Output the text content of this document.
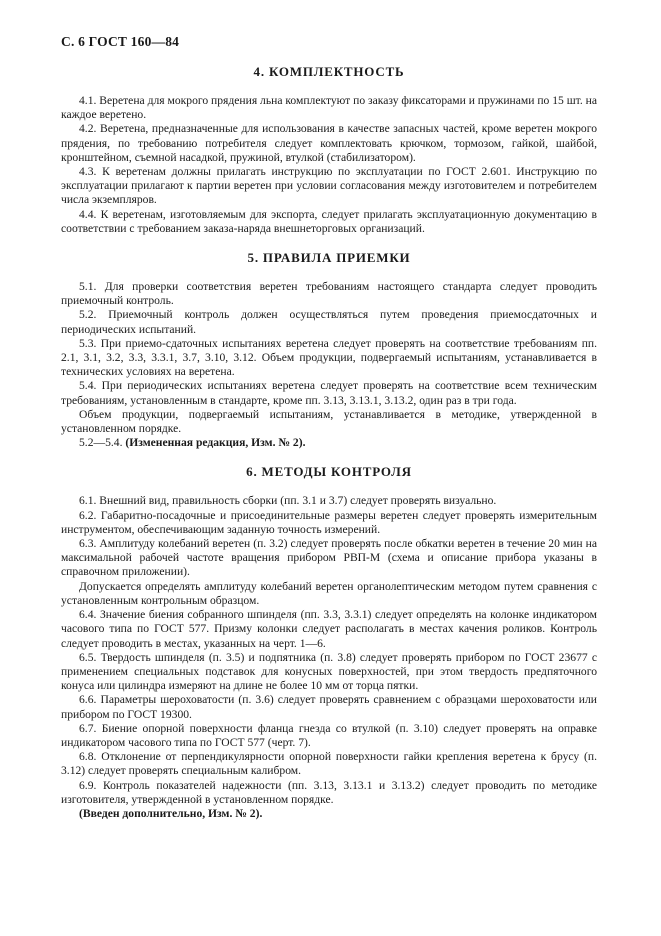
С. 6 ГОСТ 160—84
4. КОМПЛЕКТНОСТЬ

4.1. Веретена для мокрого прядения льна комплектуют по заказу фиксаторами и пружинами по 15 шт. на каждое веретено.

4.2. Веретена, предназначенные для использования в качестве запасных частей, кроме веретен мокрого прядения, по требованию потребителя следует комплектовать крючком, тормозом, гайкой, шайбой, кронштейном, съемной насадкой, пружиной, втулкой (стабилизатором).

4.3. К веретенам должны прилагать инструкцию по эксплуатации по ГОСТ 2.601. Инструкцию по эксплуатации прилагают к партии веретен при условии согласования между изготовителем и потребителем числа экземпляров.

4.4. К веретенам, изготовляемым для экспорта, следует прилагать эксплуатационную документацию в соответствии с требованием заказа-наряда внешнеторговых организаций.

5. ПРАВИЛА ПРИЕМКИ

5.1. Для проверки соответствия веретен требованиям настоящего стандарта следует проводить приемочный контроль.

5.2. Приемочный контроль должен осуществляться путем проведения приемосдаточных и периодических испытаний.

5.3. При приемо-сдаточных испытаниях веретена следует проверять на соответствие требованиям пп. 2.1, 3.1, 3.2, 3.3, 3.3.1, 3.7, 3.10, 3.12. Объем продукции, подвергаемый испытаниям, устанавливается в технических условиях на веретена.

5.4. При периодических испытаниях веретена следует проверять на соответствие всем техническим требованиям, установленным в стандарте, кроме пп. 3.13, 3.13.1, 3.13.2, один раз в три года.

Объем продукции, подвергаемый испытаниям, устанавливается в методике, утвержденной в установленном порядке.

5.2—5.4. (Измененная редакция, Изм. № 2).

6. МЕТОДЫ КОНТРОЛЯ

6.1. Внешний вид, правильность сборки (пп. 3.1 и 3.7) следует проверять визуально.

6.2. Габаритно-посадочные и присоединительные размеры веретен следует проверять измерительным инструментом, обеспечивающим заданную точность измерений.

6.3. Амплитуду колебаний веретен (п. 3.2) следует проверять после обкатки веретен в течение 20 мин на максимальной рабочей частоте вращения прибором РВП-М (схема и описание прибора указаны в справочном приложении).

Допускается определять амплитуду колебаний веретен органолептическим методом путем сравнения с установленным контрольным образцом.

6.4. Значение биения собранного шпинделя (пп. 3.3, 3.3.1) следует определять на колонке индикатором часового типа по ГОСТ 577. Призму колонки следует располагать в местах качения роликов. Контроль следует проводить в местах, указанных на черт. 1—6.

6.5. Твердость шпинделя (п. 3.5) и подпятника (п. 3.8) следует проверять прибором по ГОСТ 23677 с применением специальных подставок для конусных поверхностей, при этом твердость предпяточного конуса или цилиндра измеряют на длине не более 10 мм от торца пятки.

6.6. Параметры шероховатости (п. 3.6) следует проверять сравнением с образцами шероховатости или прибором по ГОСТ 19300.

6.7. Биение опорной поверхности фланца гнезда со втулкой (п. 3.10) следует проверять на оправке индикатором часового типа по ГОСТ 577 (черт. 7).

6.8. Отклонение от перпендикулярности опорной поверхности гайки крепления веретена к брусу (п. 3.12) следует проверять специальным калибром.

6.9. Контроль показателей надежности (пп. 3.13, 3.13.1 и 3.13.2) следует проводить по методике изготовителя, утвержденной в установленном порядке.

(Введен дополнительно, Изм. № 2).
